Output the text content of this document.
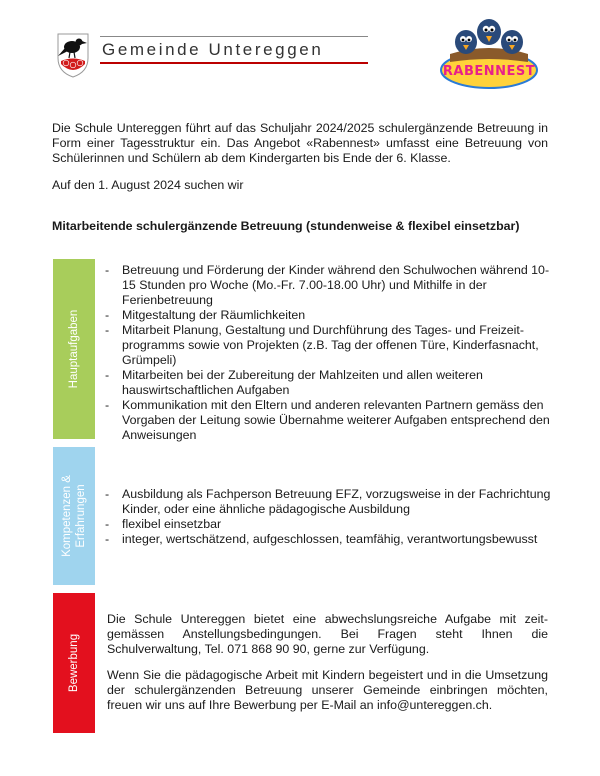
Gemeinde Untereggen
RABENNEST
Die Schule Untereggen führt auf das Schuljahr 2024/2025 schulergänzende Betreuung in Form einer Tagesstruktur ein. Das Angebot «Rabennest» umfasst eine Betreuung von Schülerinnen und Schülern ab dem Kindergarten bis Ende der 6. Klasse.
Auf den 1. August 2024 suchen wir
Mitarbeitende schulergänzende Betreuung (stundenweise & flexibel einsetzbar)
Hauptaufgaben
- Betreuung und Förderung der Kinder während den Schulwochen während 10-15 Stunden pro Woche (Mo.-Fr. 7.00-18.00 Uhr) und Mithilfe in der Ferienbetreuung
- Mitgestaltung der Räumlichkeiten
- Mitarbeit Planung, Gestaltung und Durchführung des Tages- und Freizeit-programms sowie von Projekten (z.B. Tag der offenen Türe, Kinderfasnacht, Grümpeli)
- Mitarbeiten bei der Zubereitung der Mahlzeiten und allen weiteren hauswirtschaftlichen Aufgaben
- Kommunikation mit den Eltern und anderen relevanten Partnern gemäss den Vorgaben der Leitung sowie Übernahme weiterer Aufgaben entsprechend den Anweisungen
Kompetenzen & Erfahrungen
-	Ausbildung als Fachperson Betreuung EFZ, vorzugsweise in der Fachrichtung Kinder, oder eine ähnliche pädagogische Ausbildung
- flexibel einsetzbar
- integer, wertschätzend, aufgeschlossen, teamfähig, verantwortungsbewusst
Bewerbung
Die Schule Untereggen bietet eine abwechslungsreiche Aufgabe mit zeit-gemässen Anstellungsbedingungen. Bei Fragen steht Ihnen die Schulverwaltung, Tel. 071 868 90 90, gerne zur Verfügung.
Wenn Sie die pädagogische Arbeit mit Kindern begeistert und in die Umsetzung der schulergänzenden Betreuung unserer Gemeinde einbringen möchten, freuen wir uns auf Ihre Bewerbung per E-Mail an info@untereggen.ch.
